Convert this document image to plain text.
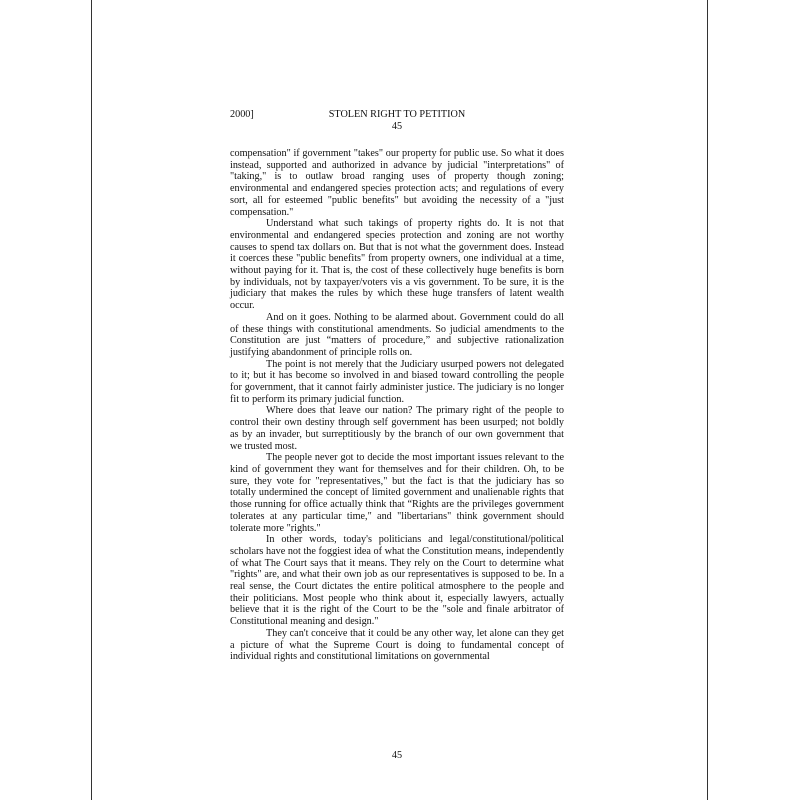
2000]	STOLEN RIGHT TO PETITION
45

compensation" if government "takes" our property for public use. So what it does instead, supported and authorized in advance by judicial "interpretations" of "taking," is to outlaw broad ranging uses of property though zoning; environmental and endangered species protection acts; and regulations of every sort, all for esteemed "public benefits" but avoiding the necessity of a "just compensation."

Understand what such takings of property rights do. It is not that environmental and endangered species protection and zoning are not worthy causes to spend tax dollars on. But that is not what the government does. Instead it coerces these "public benefits" from property owners, one individual at a time, without paying for it. That is, the cost of these collectively huge benefits is born by individuals, not by taxpayer/voters vis a vis government. To be sure, it is the judiciary that makes the rules by which these huge transfers of latent wealth occur.

And on it goes. Nothing to be alarmed about. Government could do all of these things with constitutional amendments. So judicial amendments to the Constitution are just “matters of procedure,” and subjective rationalization justifying abandonment of principle rolls on.

The point is not merely that the Judiciary usurped powers not delegated to it; but it has become so involved in and biased toward controlling the people for government, that it cannot fairly administer justice. The judiciary is no longer fit to perform its primary judicial function.

Where does that leave our nation? The primary right of the people to control their own destiny through self government has been usurped; not boldly as by an invader, but surreptitiously by the branch of our own government that we trusted most.

The people never got to decide the most important issues relevant to the kind of government they want for themselves and for their children. Oh, to be sure, they vote for "representatives," but the fact is that the judiciary has so totally undermined the concept of limited government and unalienable rights that those running for office actually think that “Rights are the privileges government tolerates at any particular time," and "libertarians" think government should tolerate more "rights."

In other words, today's politicians and legal/constitutional/political scholars have not the foggiest idea of what the Constitution means, independently of what The Court says that it means. They rely on the Court to determine what "rights" are, and what their own job as our representatives is supposed to be. In a real sense, the Court dictates the entire political atmosphere to the people and their politicians. Most people who think about it, especially lawyers, actually believe that it is the right of the Court to be the "sole and finale arbitrator of Constitutional meaning and design."

They can't conceive that it could be any other way, let alone can they get a picture of what the Supreme Court is doing to fundamental concept of individual rights and constitutional limitations on governmental

45
